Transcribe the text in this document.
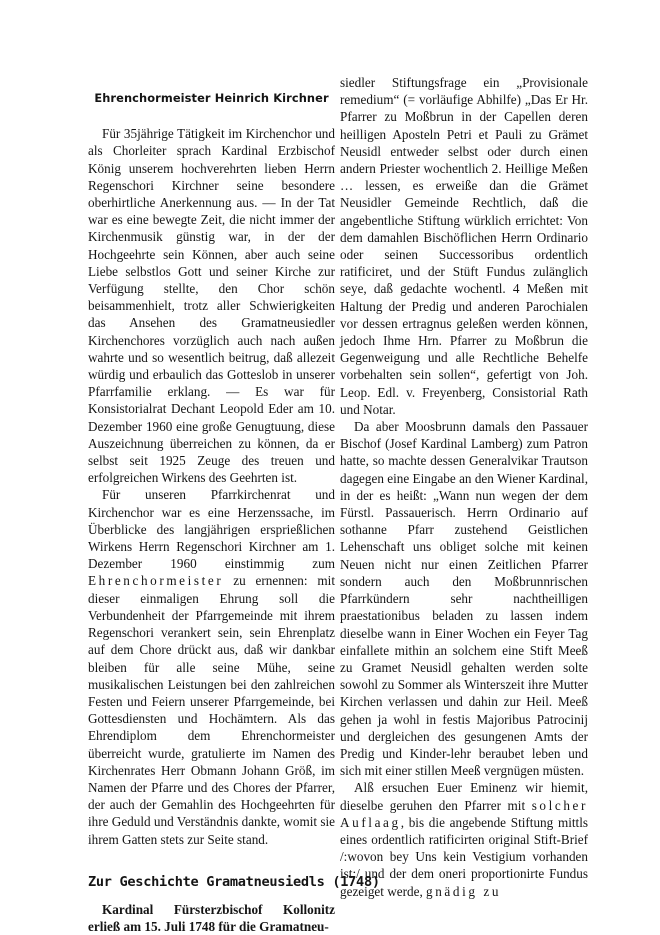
Ehrenchormeister Heinrich Kirchner

Für 35jährige Tätigkeit im Kirchenchor und als Chorleiter sprach Kardinal Erzbischof König unserem hochverehrten lieben Herrn Regenschori Kirchner seine besondere oberhirtliche Anerkennung aus. — In der Tat war es eine bewegte Zeit, die nicht immer der Kirchenmusik günstig war, in der der Hochgeehrte sein Können, aber auch seine Liebe selbstlos Gott und seiner Kirche zur Verfügung stellte, den Chor schön beisammenhielt, trotz aller Schwierigkeiten das Ansehen des Gramatneusiedler Kirchenchores vorzüglich auch nach außen wahrte und so wesentlich beitrug, daß allezeit würdig und erbaulich das Gotteslob in unserer Pfarrfamilie erklang. — Es war für Konsistorialrat Dechant Leopold Eder am 10. Dezember 1960 eine große Genugtuung, diese Auszeichnung überreichen zu können, da er selbst seit 1925 Zeuge des treuen und erfolgreichen Wirkens des Geehrten ist.

Für unseren Pfarrkirchenrat und Kirchenchor war es eine Herzenssache, im Überblicke des langjährigen ersprießlichen Wirkens Herrn Regenschori Kirchner am 1. Dezember 1960 einstimmig zum Ehrenchormeister zu ernennen: mit dieser einmaligen Ehrung soll die Verbundenheit der Pfarrgemeinde mit ihrem Regenschori verankert sein, sein Ehrenplatz auf dem Chore drückt aus, daß wir dankbar bleiben für alle seine Mühe, seine musikalischen Leistungen bei den zahlreichen Festen und Feiern unserer Pfarrgemeinde, bei Gottesdiensten und Hochämtern. Als das Ehrendiplom dem Ehrenchormeister überreicht wurde, gratulierte im Namen des Kirchenrates Herr Obmann Johann Größ, im Namen der Pfarre und des Chores der Pfarrer, der auch der Gemahlin des Hochgeehrten für ihre Geduld und Verständnis dankte, womit sie ihrem Gatten stets zur Seite stand.

Zur Geschichte Gramatneusiedls (1748)

Kardinal Fürsterzbischof Kollonitz erließ am 15. Juli 1748 für die Gramatneu-

siedler Stiftungsfrage ein „Provisionale remedium“ (= vorläufige Abhilfe) „Das Er Hr. Pfarrer zu Moßbrun in der Capellen deren heilligen Aposteln Petri et Pauli zu Grämet Neusidl entweder selbst oder durch einen andern Priester wochentlich 2. Heillige Meßen … lessen, es erweiße dan die Grämet Neusidler Gemeinde Rechtlich, daß die angebentliche Stiftung würklich errichtet: Von dem damahlen Bischöflichen Herrn Ordinario oder seinen Successoribus ordentlich ratificiret, und der Stüft Fundus zulänglich seye, daß gedachte wochentl. 4 Meßen mit Haltung der Predig und anderen Parochialen vor dessen ertragnus geleßen werden können, jedoch Ihme Hrn. Pfarrer zu Moßbrun die Gegenweigung und alle Rechtliche Behelfe vorbehalten sein sollen“, gefertigt von Joh. Leop. Edl. v. Freyenberg, Consistorial Rath und Notar.

Da aber Moosbrunn damals den Passauer Bischof (Josef Kardinal Lamberg) zum Patron hatte, so machte dessen Generalvikar Trautson dagegen eine Eingabe an den Wiener Kardinal, in der es heißt: „Wann nun wegen der dem Fürstl. Passauerisch. Herrn Ordinario auf sothanne Pfarr zustehend Geistlichen Lehenschaft uns obliget solche mit keinen Neuen nicht nur einen Zeitlichen Pfarrer sondern auch den Moßbrunnrischen Pfarrkündern sehr nachtheilligen praestationibus beladen zu lassen indem dieselbe wann in Einer Wochen ein Feyer Tag einfallete mithin an solchem eine Stift Meeß zu Gramet Neusidl gehalten werden solte sowohl zu Sommer als Winterszeit ihre Mutter Kirchen verlassen und dahin zur Heil. Meeß gehen ja wohl in festis Majoribus Patrocinij und dergleichen des gesungenen Amts der Predig und Kinder-lehr beraubet leben und sich mit einer stillen Meeß vergnügen müsten.

Alß ersuchen Euer Eminenz wir hiemit, dieselbe geruhen den Pfarrer mit solcher Auflaag, bis die angebende Stiftung mittls eines ordentlich ratificirten original Stift-Brief /:wovon bey Uns kein Vestigium vorhanden ist:/ und der dem oneri proportionirte Fundus gezeiget werde, gnädig zu
